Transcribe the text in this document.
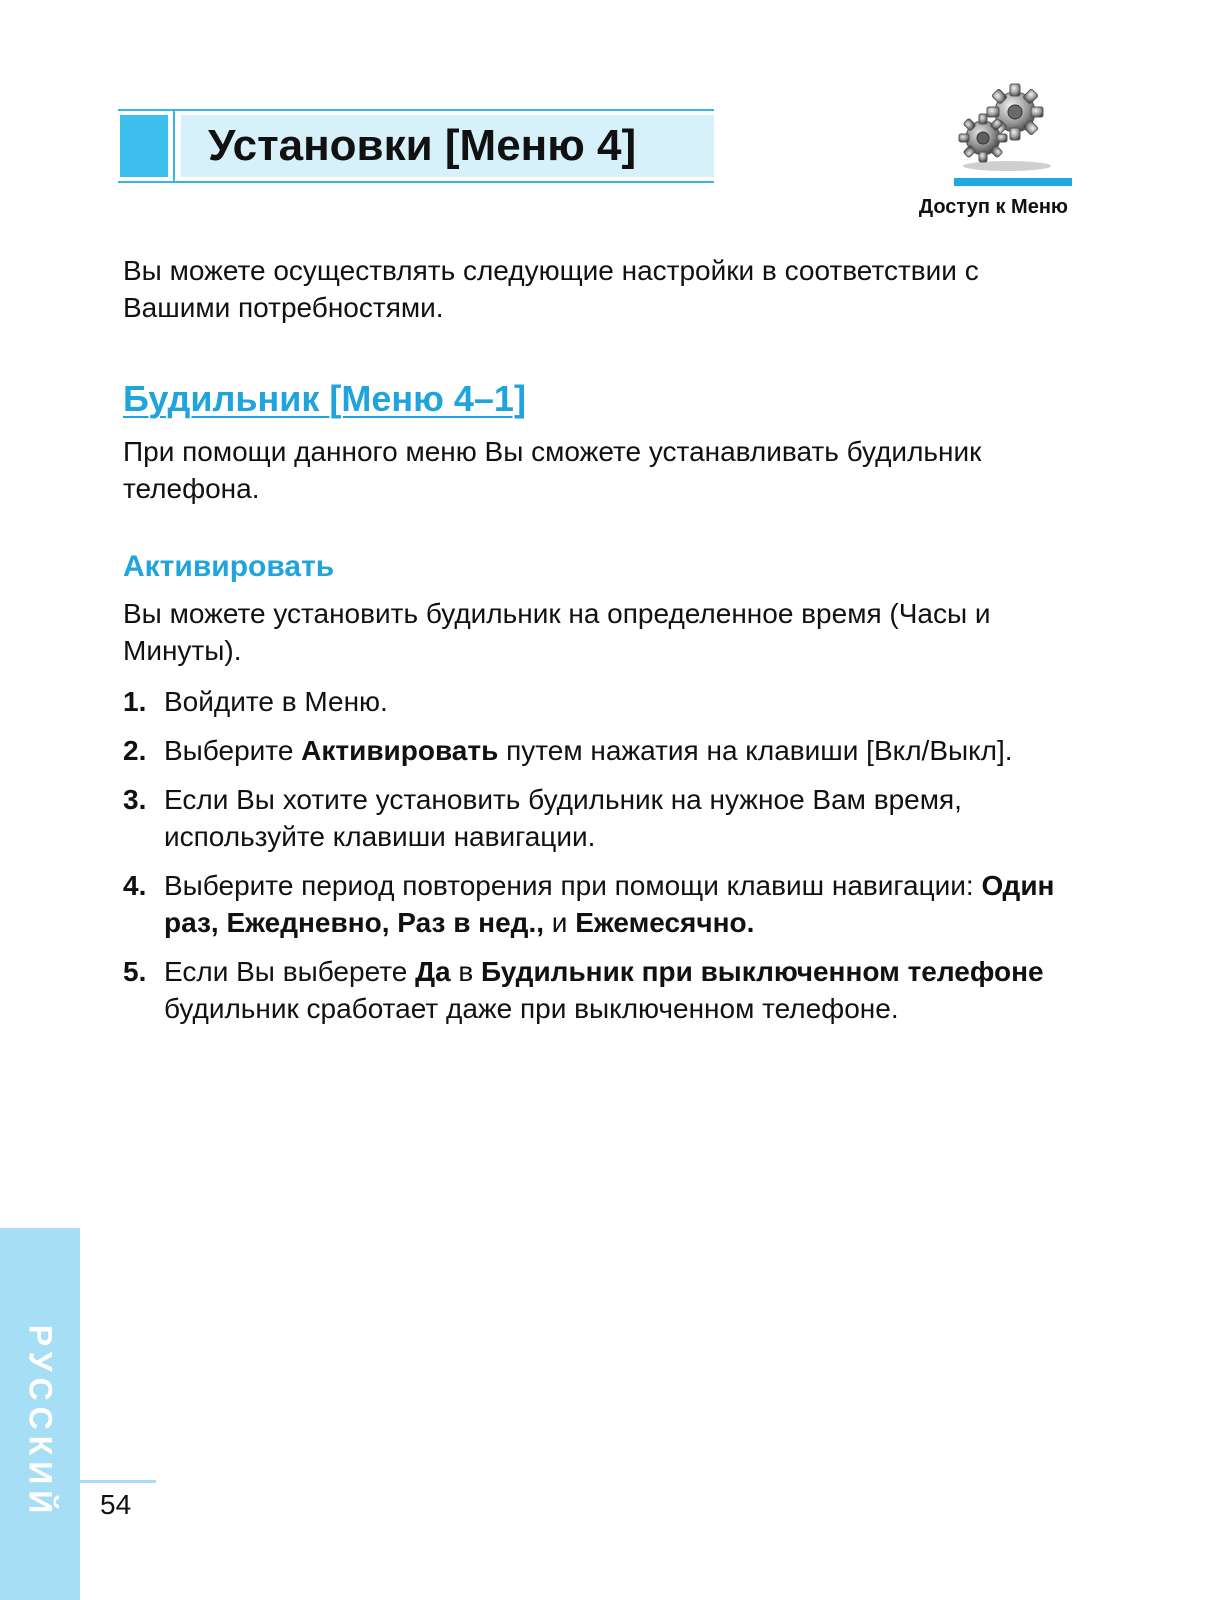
Установки [Меню 4]
Доступ к Меню

Вы можете осуществлять следующие настройки в соответствии с Вашими потребностями.

Будильник [Меню 4–1]

При помощи данного меню Вы сможете устанавливать будильник телефона.

Активировать

Вы можете установить будильник на определенное время (Часы и Минуты).

1. Войдите в Меню.
2. Выберите Активировать путем нажатия на клавиши [Вкл/Выкл].
3. Если Вы хотите установить будильник на нужное Вам время, используйте клавиши навигации.
4. Выберите период повторения при помощи клавиш навигации: Один раз, Ежедневно, Раз в нед., и Ежемесячно.
5. Если Вы выберете Да в Будильник при выключенном телефоне будильник сработает даже при выключенном телефоне.
РУССКИЙ 54
